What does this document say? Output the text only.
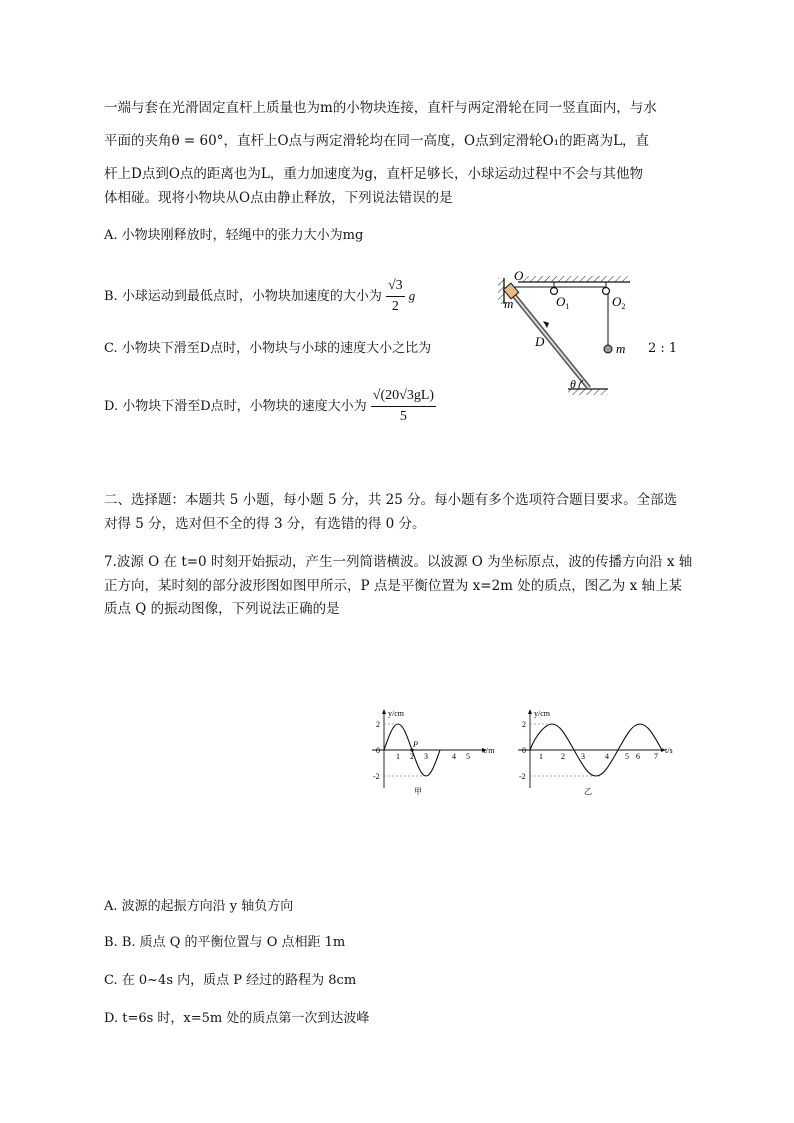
一端与套在光滑固定直杆上质量也为m的小物块连接，直杆与两定滑轮在同一竖直面内，与水
平面的夹角θ = 60°，直杆上O点与两定滑轮均在同一高度，O点到定滑轮O₁的距离为L，直
杆上D点到O点的距离也为L，重力加速度为g，直杆足够长，小球运动过程中不会与其他物
体相碰。现将小物块从O点由静止释放，下列说法错误的是
A. 小物块刚释放时，轻绳中的张力大小为mg
B. 小球运动到最低点时，小物块加速度的大小为 $\frac{√3}{2}$ g
C. 小物块下滑至D点时，小物块与小球的速度大小之比为	2 : 1
D. 小物块下滑至D点时，小物块的速度大小为 $\frac{√(20√3gL)}{5}$
O
m	$O_1$	$O_2$
D	m
θ
二、选择题：本题共 5 小题，每小题 5 分，共 25 分。每小题有多个选项符合题目要求。全部选
对得 5 分，选对但不全的得 3 分，有选错的得 0 分。
7.波源 O 在 t=0 时刻开始振动，产生一列简谐横波。以波源 O 为坐标原点，波的传播方向沿 x 轴
正方向，某时刻的部分波形图如图甲所示，P 点是平衡位置为 x=2m 处的质点，图乙为 x 轴上某
质点 Q 的振动图像，下列说法正确的是
P
y/cm
x/m
2
0
-2
1 2 3	4 5
甲
y/cm
t/s
2
0
-2
1 2 3	4 5 6 7
乙
A. 波源的起振方向沿 y 轴负方向
B. B. 质点 Q 的平衡位置与 O 点相距 1m
C. 在 0~4s 内，质点 P 经过的路程为 8cm
D. t=6s 时，x=5m 处的质点第一次到达波峰
